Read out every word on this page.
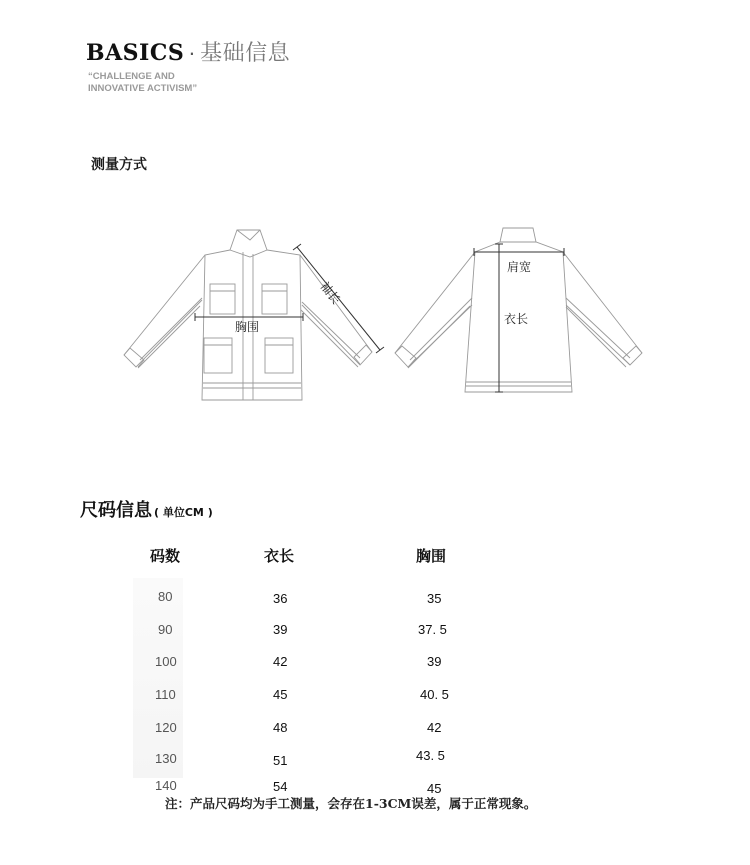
BASICS · 基础信息
“CHALLENGE AND
INNOVATIVE ACTIVISM”
测量方式
胸围
袖长
肩宽
衣长
尺码信息 ( 单位CM )
码数	衣长	胸围
80	36	35
90	39	37. 5
100	42	39
110	45	40. 5
120	48	42
130	51	43. 5
140	54	45
注：产品尺码均为手工测量，会存在1-3CM误差，属于正常现象。
